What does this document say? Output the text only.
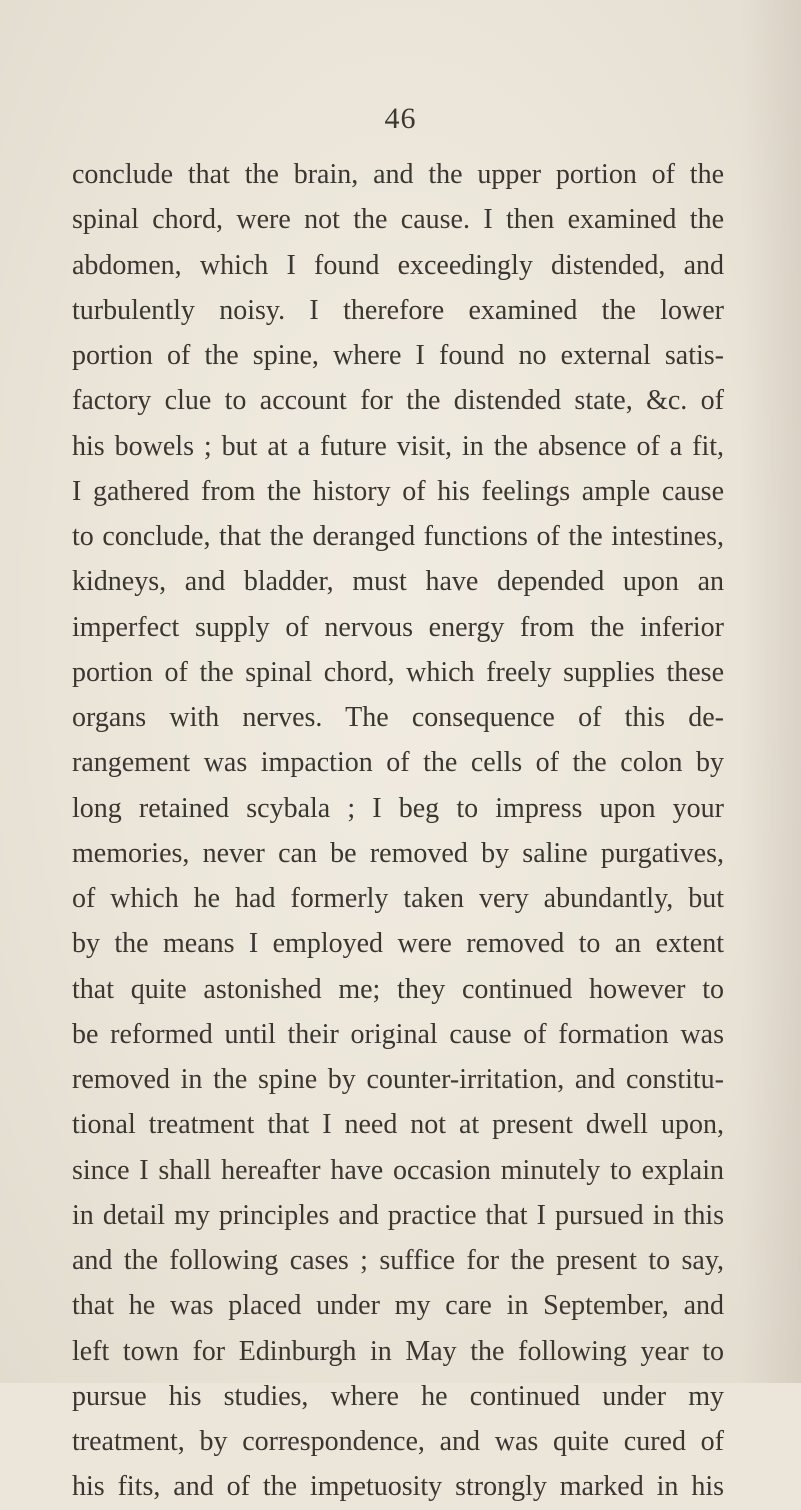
46
conclude that the brain, and the upper portion of the
spinal chord, were not the cause. I then examined the
abdomen, which I found exceedingly distended, and
turbulently noisy. I therefore examined the lower
portion of the spine, where I found no external satis-
factory clue to account for the distended state, &c. of
his bowels ; but at a future visit, in the absence of a fit,
I gathered from the history of his feelings ample cause
to conclude, that the deranged functions of the intestines,
kidneys, and bladder, must have depended upon an
imperfect supply of nervous energy from the inferior
portion of the spinal chord, which freely supplies these
organs with nerves. The consequence of this de-
rangement was impaction of the cells of the colon by
long retained scybala ; I beg to impress upon your
memories, never can be removed by saline purgatives,
of which he had formerly taken very abundantly, but
by the means I employed were removed to an extent
that quite astonished me; they continued however to
be reformed until their original cause of formation was
removed in the spine by counter-irritation, and constitu-
tional treatment that I need not at present dwell upon,
since I shall hereafter have occasion minutely to explain
in detail my principles and practice that I pursued in this
and the following cases ; suffice for the present to say,
that he was placed under my care in September, and
left town for Edinburgh in May the following year to
pursue his studies, where he continued under my
treatment, by correspondence, and was quite cured of
his fits, and of the impetuosity strongly marked in his
